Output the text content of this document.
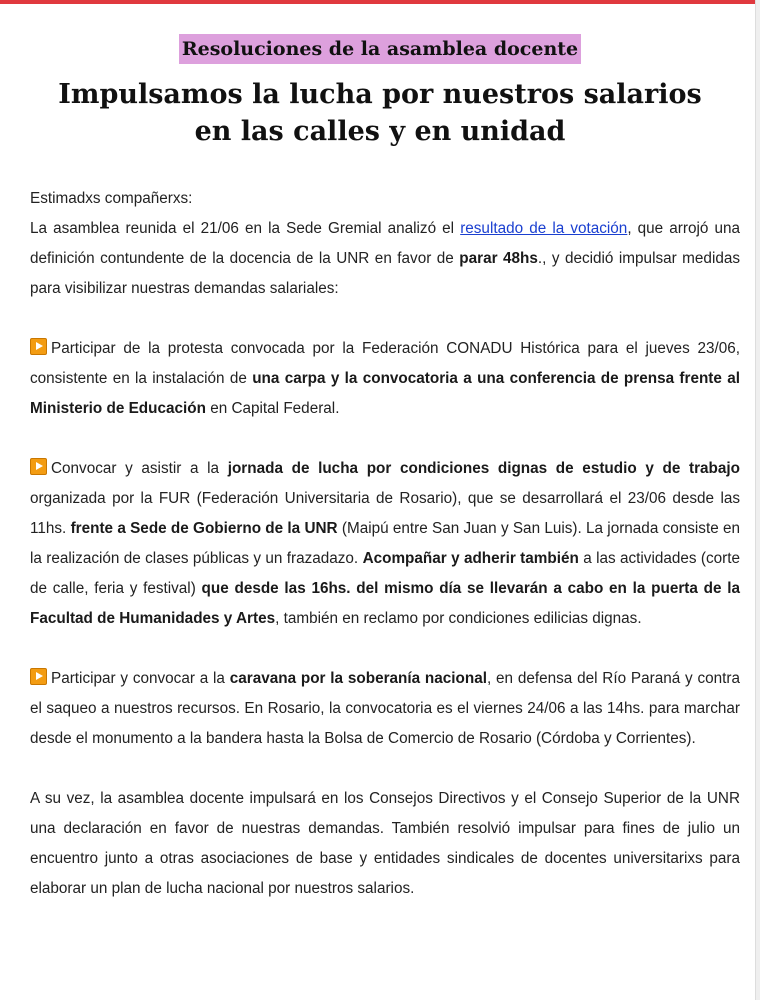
Resoluciones de la asamblea docente
Impulsamos la lucha por nuestros salarios
en las calles y en unidad

Estimadxs compañerxs:

La asamblea reunida el 21/06 en la Sede Gremial analizó el resultado de la votación, que arrojó una definición contundente de la docencia de la UNR en favor de parar 48hs., y decidió impulsar medidas para visibilizar nuestras demandas salariales:

Participar de la protesta convocada por la Federación CONADU Histórica para el jueves 23/06, consistente en la instalación de una carpa y la convocatoria a una conferencia de prensa frente al Ministerio de Educación en Capital Federal.

Convocar y asistir a la jornada de lucha por condiciones dignas de estudio y de trabajo organizada por la FUR (Federación Universitaria de Rosario), que se desarrollará el 23/06 desde las 11hs. frente a Sede de Gobierno de la UNR (Maipú entre San Juan y San Luis). La jornada consiste en la realización de clases públicas y un frazadazo. Acompañar y adherir también a las actividades (corte de calle, feria y festival) que desde las 16hs. del mismo día se llevarán a cabo en la puerta de la Facultad de Humanidades y Artes, también en reclamo por condiciones edilicias dignas.

Participar y convocar a la caravana por la soberanía nacional, en defensa del Río Paraná y contra el saqueo a nuestros recursos. En Rosario, la convocatoria es el viernes 24/06 a las 14hs. para marchar desde el monumento a la bandera hasta la Bolsa de Comercio de Rosario (Córdoba y Corrientes).

A su vez, la asamblea docente impulsará en los Consejos Directivos y el Consejo Superior de la UNR una declaración en favor de nuestras demandas. También resolvió impulsar para fines de julio un encuentro junto a otras asociaciones de base y entidades sindicales de docentes universitarixs para elaborar un plan de lucha nacional por nuestros salarios.
